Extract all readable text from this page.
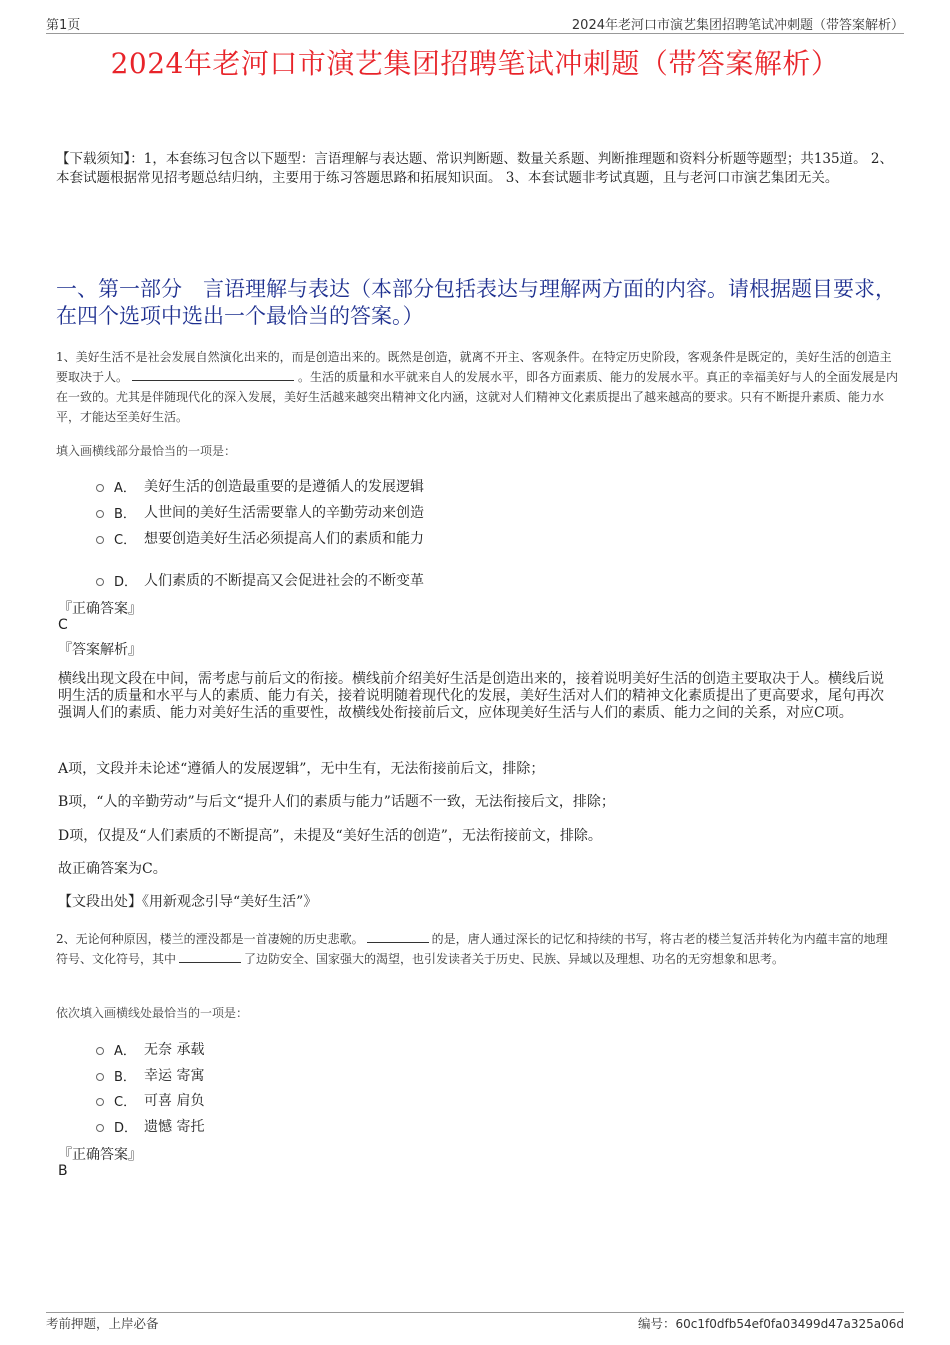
第1页	2024年老河口市演艺集团招聘笔试冲刺题（带答案解析）
2024年老河口市演艺集团招聘笔试冲刺题（带答案解析）
【下载须知】：1，本套练习包含以下题型：言语理解与表达题、常识判断题、数量关系题、判断推理题和资料分析题等题型；共135道。 2、本套试题根据常见招考题总结归纳，主要用于练习答题思路和拓展知识面。 3、本套试题非考试真题，且与老河口市演艺集团无关。
一、第一部分　言语理解与表达（本部分包括表达与理解两方面的内容。请根据题目要求，在四个选项中选出一个最恰当的答案。）
1、美好生活不是社会发展自然演化出来的，而是创造出来的。既然是创造，就离不开主、客观条件。在特定历史阶段，客观条件是既定的，美好生活的创造主要取决于人。	。生活的质量和水平就来自人的发展水平，即各方面素质、能力的发展水平。真正的幸福美好与人的全面发展是内在一致的。尤其是伴随现代化的深入发展，美好生活越来越突出精神文化内涵，这就对人们精神文化素质提出了越来越高的要求。只有不断提升素质、能力水平，才能达至美好生活。
填入画横线部分最恰当的一项是：
A． 美好生活的创造最重要的是遵循人的发展逻辑
B． 人世间的美好生活需要靠人的辛勤劳动来创造
C． 想要创造美好生活必须提高人们的素质和能力
D． 人们素质的不断提高又会促进社会的不断变革
『正确答案』
C
『答案解析』
横线出现文段在中间，需考虑与前后文的衔接。横线前介绍美好生活是创造出来的，接着说明美好生活的创造主要取决于人。横线后说明生活的质量和水平与人的素质、能力有关，接着说明随着现代化的发展，美好生活对人们的精神文化素质提出了更高要求，尾句再次强调人们的素质、能力对美好生活的重要性，故横线处衔接前后文，应体现美好生活与人们的素质、能力之间的关系，对应C项。
A项，文段并未论述“遵循人的发展逻辑”，无中生有，无法衔接前后文，排除；
B项，“人的辛勤劳动”与后文“提升人们的素质与能力”话题不一致，无法衔接后文，排除；
D项，仅提及“人们素质的不断提高”，未提及“美好生活的创造”，无法衔接前文，排除。
故正确答案为C。
【文段出处】《用新观念引导“美好生活”》
2、无论何种原因，楼兰的湮没都是一首凄婉的历史悲歌。	的是，唐人通过深长的记忆和持续的书写，将古老的楼兰复活并转化为内蕴丰富的地理符号、文化符号，其中	了边防安全、国家强大的渴望，也引发读者关于历史、民族、异域以及理想、功名的无穷想象和思考。
依次填入画横线处最恰当的一项是：
A． 无奈 承载
B． 幸运 寄寓
C． 可喜 肩负
D． 遗憾 寄托
『正确答案』
B
考前押题，上岸必备	编号：60c1f0dfb54ef0fa03499d47a325a06d
